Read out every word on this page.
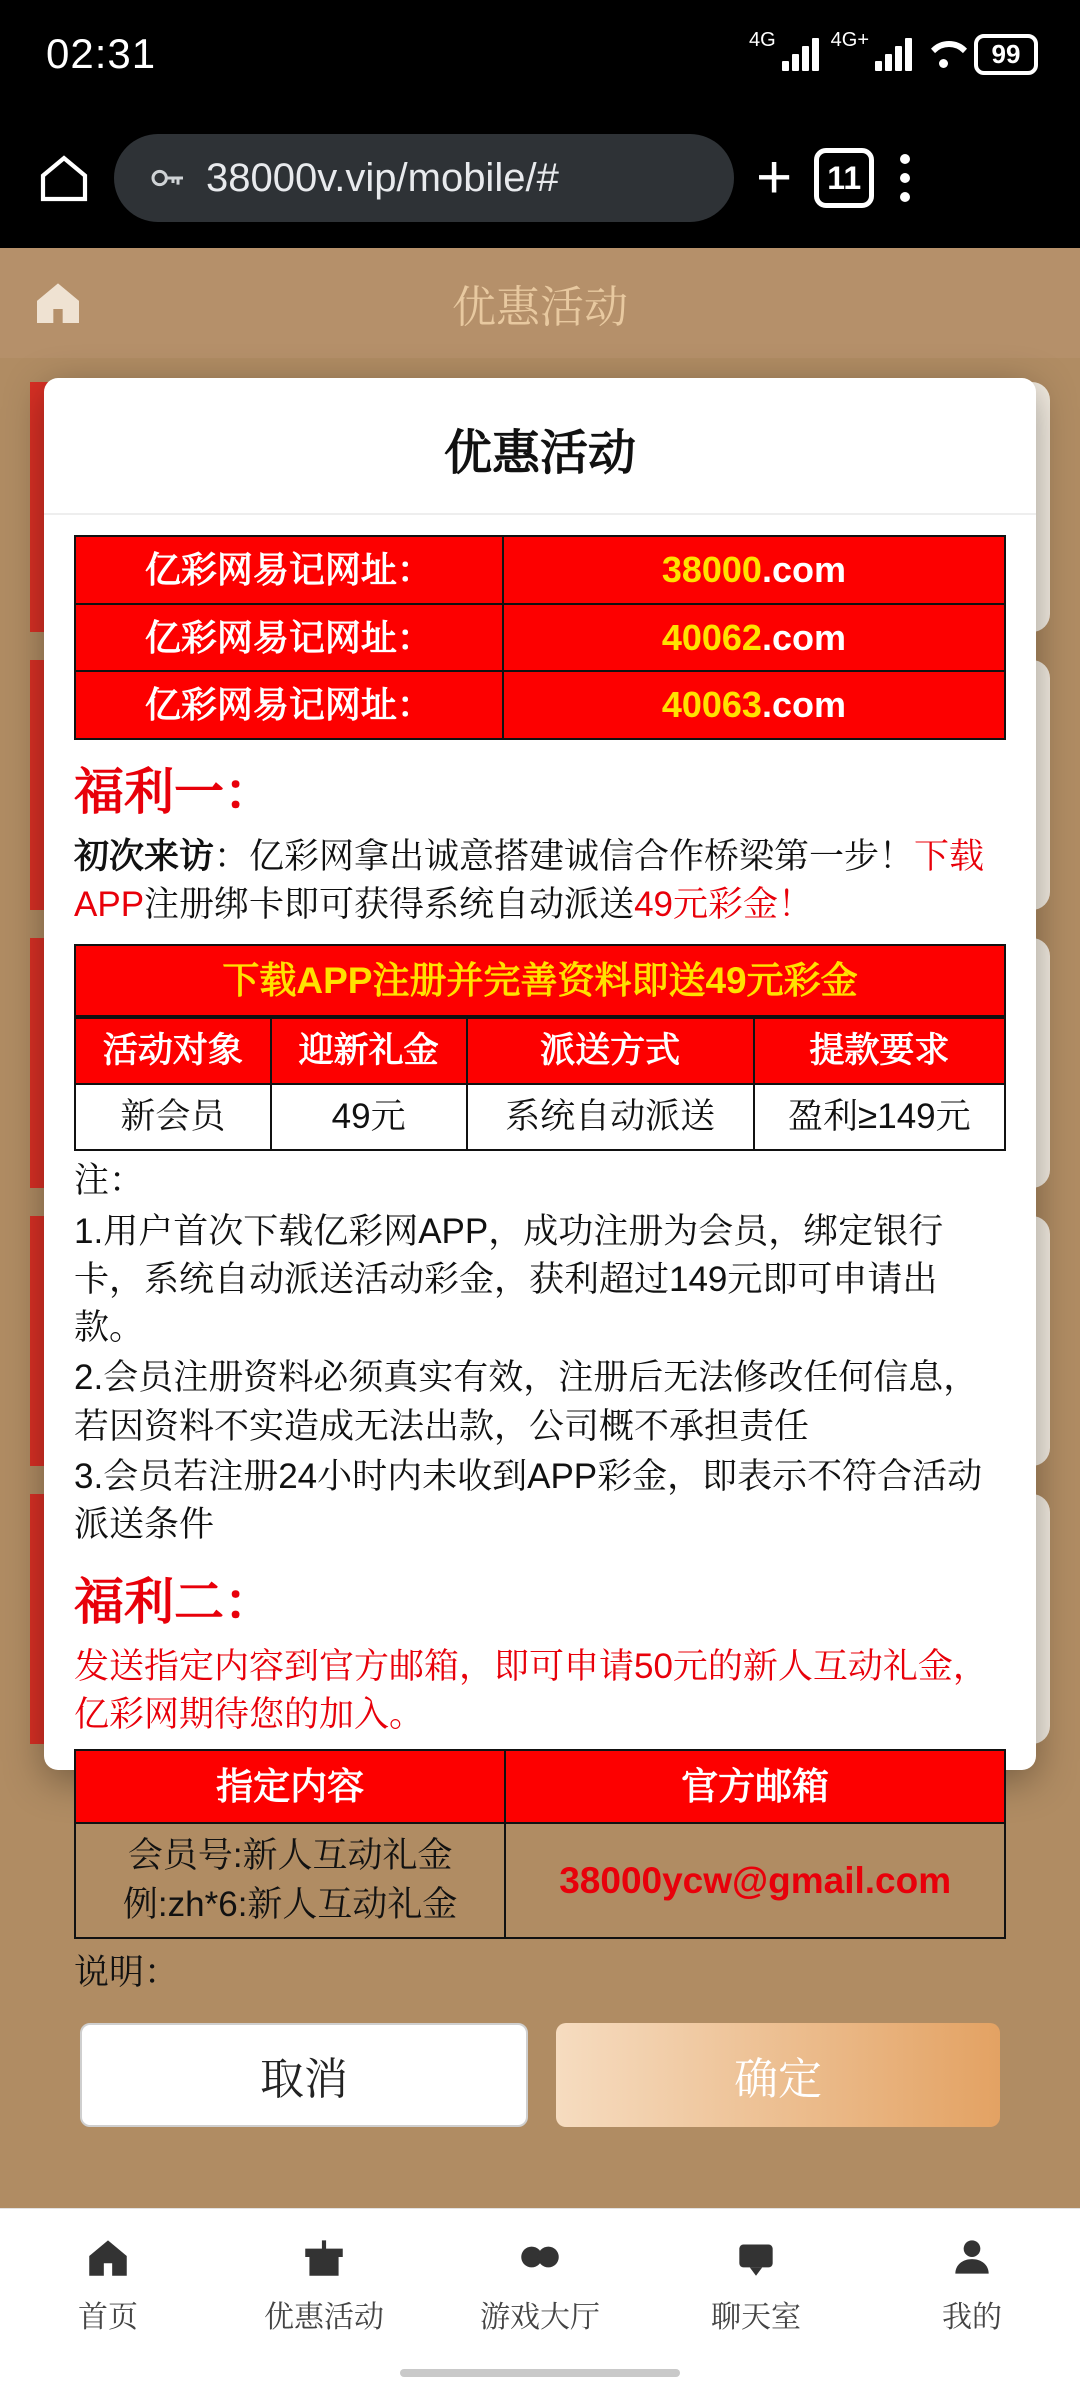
02:31	4G	4G+	99
38000v.vip/mobile/#	+	11
优惠活动
优惠活动
亿彩网易记网址：	38000.com
亿彩网易记网址：	40062.com
亿彩网易记网址：	40063.com
福利一：
初次来访：亿彩网拿出诚意搭建诚信合作桥梁第一步！下载APP注册绑卡即可获得系统自动派送49元彩金！
下载APP注册并完善资料即送49元彩金
活动对象	迎新礼金	派送方式	提款要求
新会员	49元	系统自动派送	盈利≥149元
注：
1.用户首次下载亿彩网APP，成功注册为会员，绑定银行卡，系统自动派送活动彩金，获利超过149元即可申请出款。
2.会员注册资料必须真实有效，注册后无法修改任何信息，若因资料不实造成无法出款，公司概不承担责任
3.会员若注册24小时内未收到APP彩金，即表示不符合活动派送条件
福利二：
发送指定内容到官方邮箱，即可申请50元的新人互动礼金，亿彩网期待您的加入。
指定内容	官方邮箱

会员号:新人互动礼金
例:zh*6:新人互动礼金	38000ycw@gmail.com
说明：
取消	确定
首页	优惠活动	游戏大厅	聊天室	我的
